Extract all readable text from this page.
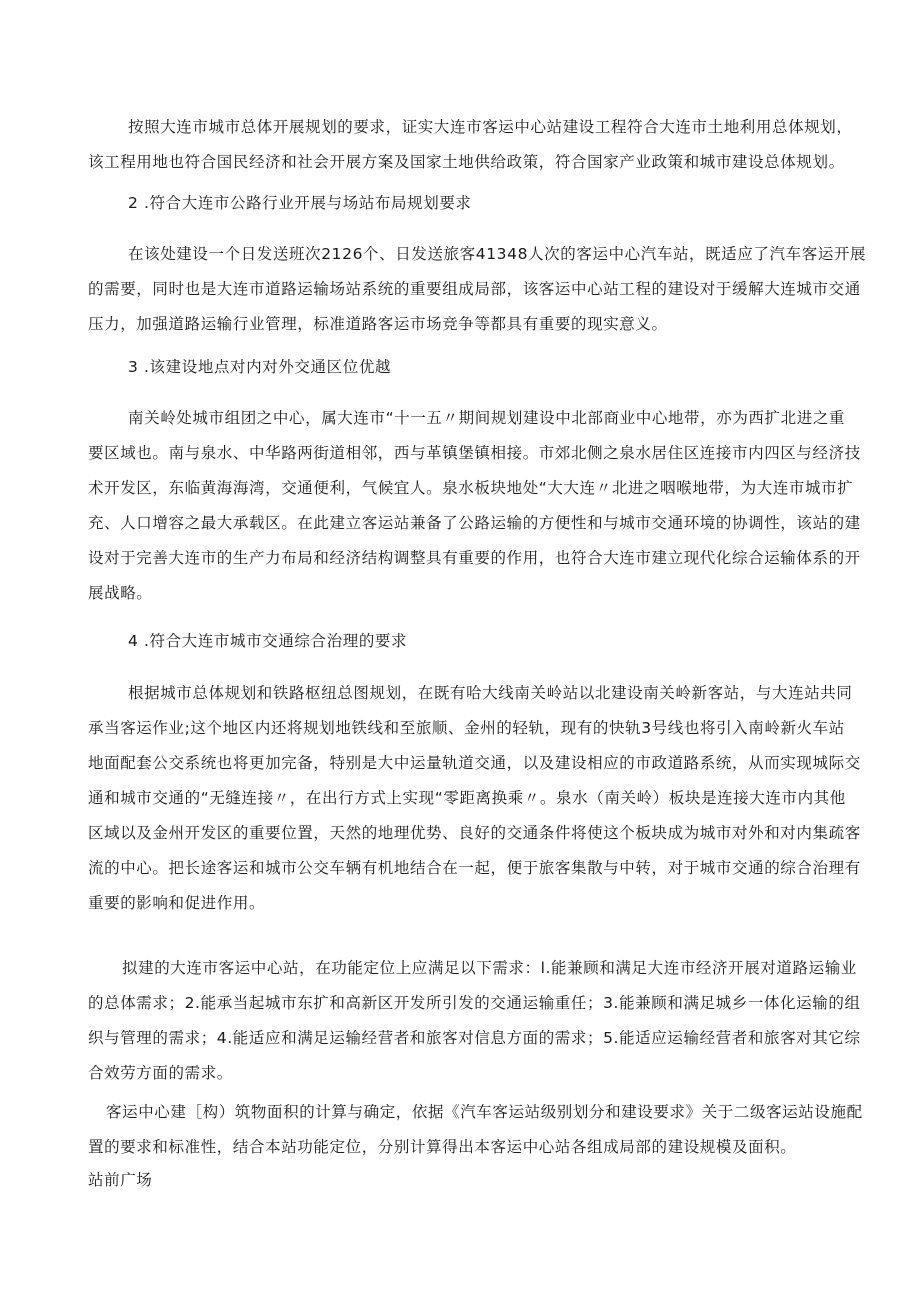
按照大连市城市总体开展规划的要求，证实大连市客运中心站建设工程符合大连市土地利用总体规划，
该工程用地也符合国民经济和社会开展方案及国家土地供给政策，符合国家产业政策和城市建设总体规划。

2 .符合大连市公路行业开展与场站布局规划要求

在该处建设一个日发送班次2126个、日发送旅客41348人次的客运中心汽车站，既适应了汽车客运开展
的需要，同时也是大连市道路运输场站系统的重要组成局部，该客运中心站工程的建设对于缓解大连城市交通
压力，加强道路运输行业管理，标准道路客运市场竞争等都具有重要的现实意义。

3 .该建设地点对内对外交通区位优越

南关岭处城市组团之中心，属大连市“十一五〃期间规划建设中北部商业中心地带，亦为西扩北进之重
要区域也。南与泉水、中华路两街道相邻，西与革镇堡镇相接。市郊北侧之泉水居住区连接市内四区与经济技
术开发区，东临黄海海湾，交通便利，气候宜人。泉水板块地处“大大连〃北进之咽喉地带，为大连市城市扩
充、人口增容之最大承载区。在此建立客运站兼备了公路运输的方便性和与城市交通环境的协调性，该站的建
设对于完善大连市的生产力布局和经济结构调整具有重要的作用，也符合大连市建立现代化综合运输体系的开
展战略。

4 .符合大连市城市交通综合治理的要求

根据城市总体规划和铁路枢纽总图规划，在既有哈大线南关岭站以北建设南关岭新客站，与大连站共同
承当客运作业;这个地区内还将规划地铁线和至旅顺、金州的轻轨，现有的快轨3号线也将引入南岭新火车站
地面配套公交系统也将更加完备，特别是大中运量轨道交通，以及建设相应的市政道路系统，从而实现城际交
通和城市交通的“无缝连接〃，在出行方式上实现“零距离换乘〃。泉水（南关岭）板块是连接大连市内其他
区域以及金州开发区的重要位置，天然的地理优势、良好的交通条件将使这个板块成为城市对外和对内集疏客
流的中心。把长途客运和城市公交车辆有机地结合在一起，便于旅客集散与中转，对于城市交通的综合治理有
重要的影响和促进作用。

拟建的大连市客运中心站，在功能定位上应满足以下需求：l.能兼顾和满足大连市经济开展对道路运输业
的总体需求；2.能承当起城市东扩和高新区开发所引发的交通运输重任；3.能兼顾和满足城乡一体化运输的组
织与管理的需求；4.能适应和满足运输经营者和旅客对信息方面的需求；5.能适应运输经营者和旅客对其它综
合效劳方面的需求。

客运中心建［构）筑物面积的计算与确定，依据《汽车客运站级别划分和建设要求》关于二级客运站设施配
置的要求和标准性，结合本站功能定位，分别计算得出本客运中心站各组成局部的建设规模及面积。

站前广场
